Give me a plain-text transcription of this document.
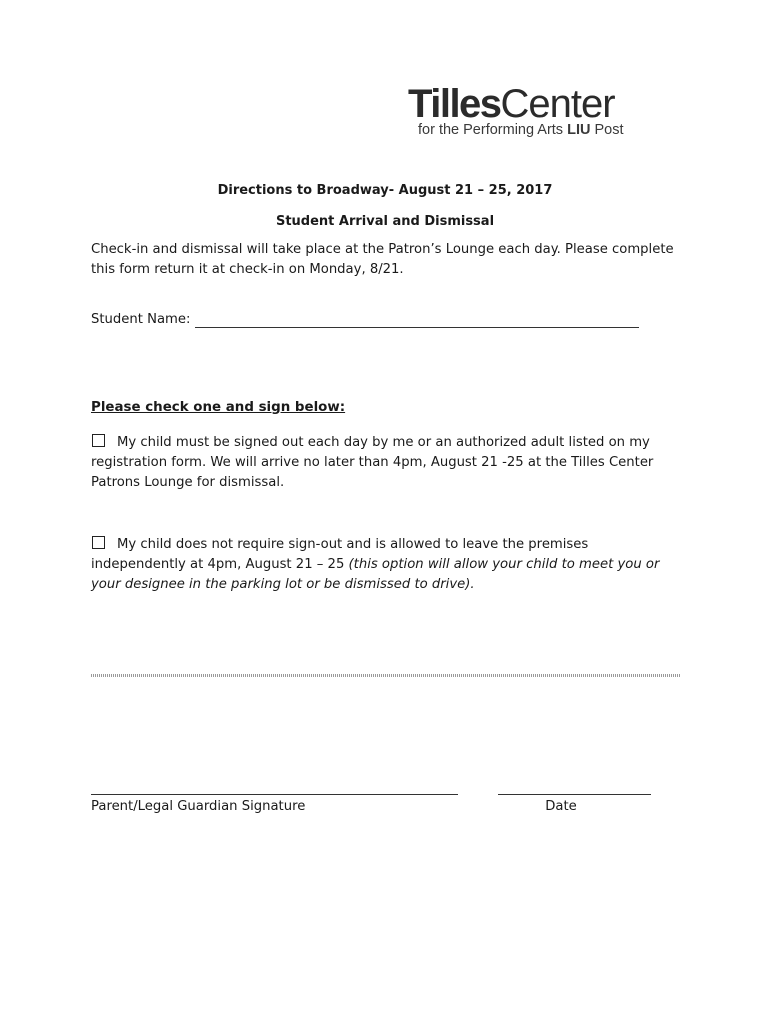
TillesCenter
for the Performing Arts LIU Post
Directions to Broadway- August 21 – 25, 2017
Student Arrival and Dismissal
Check-in and dismissal will take place at the Patron’s Lounge each day. Please complete this form return it at check-in on Monday, 8/21.
Student Name:
Please check one and sign below:
My child must be signed out each day by me or an authorized adult listed on my registration form. We will arrive no later than 4pm, August 21 -25 at the Tilles Center Patrons Lounge for dismissal.
My child does not require sign-out and is allowed to leave the premises independently at 4pm, August 21 – 25 (this option will allow your child to meet you or your designee in the parking lot or be dismissed to drive).
Parent/Legal Guardian Signature	Date
